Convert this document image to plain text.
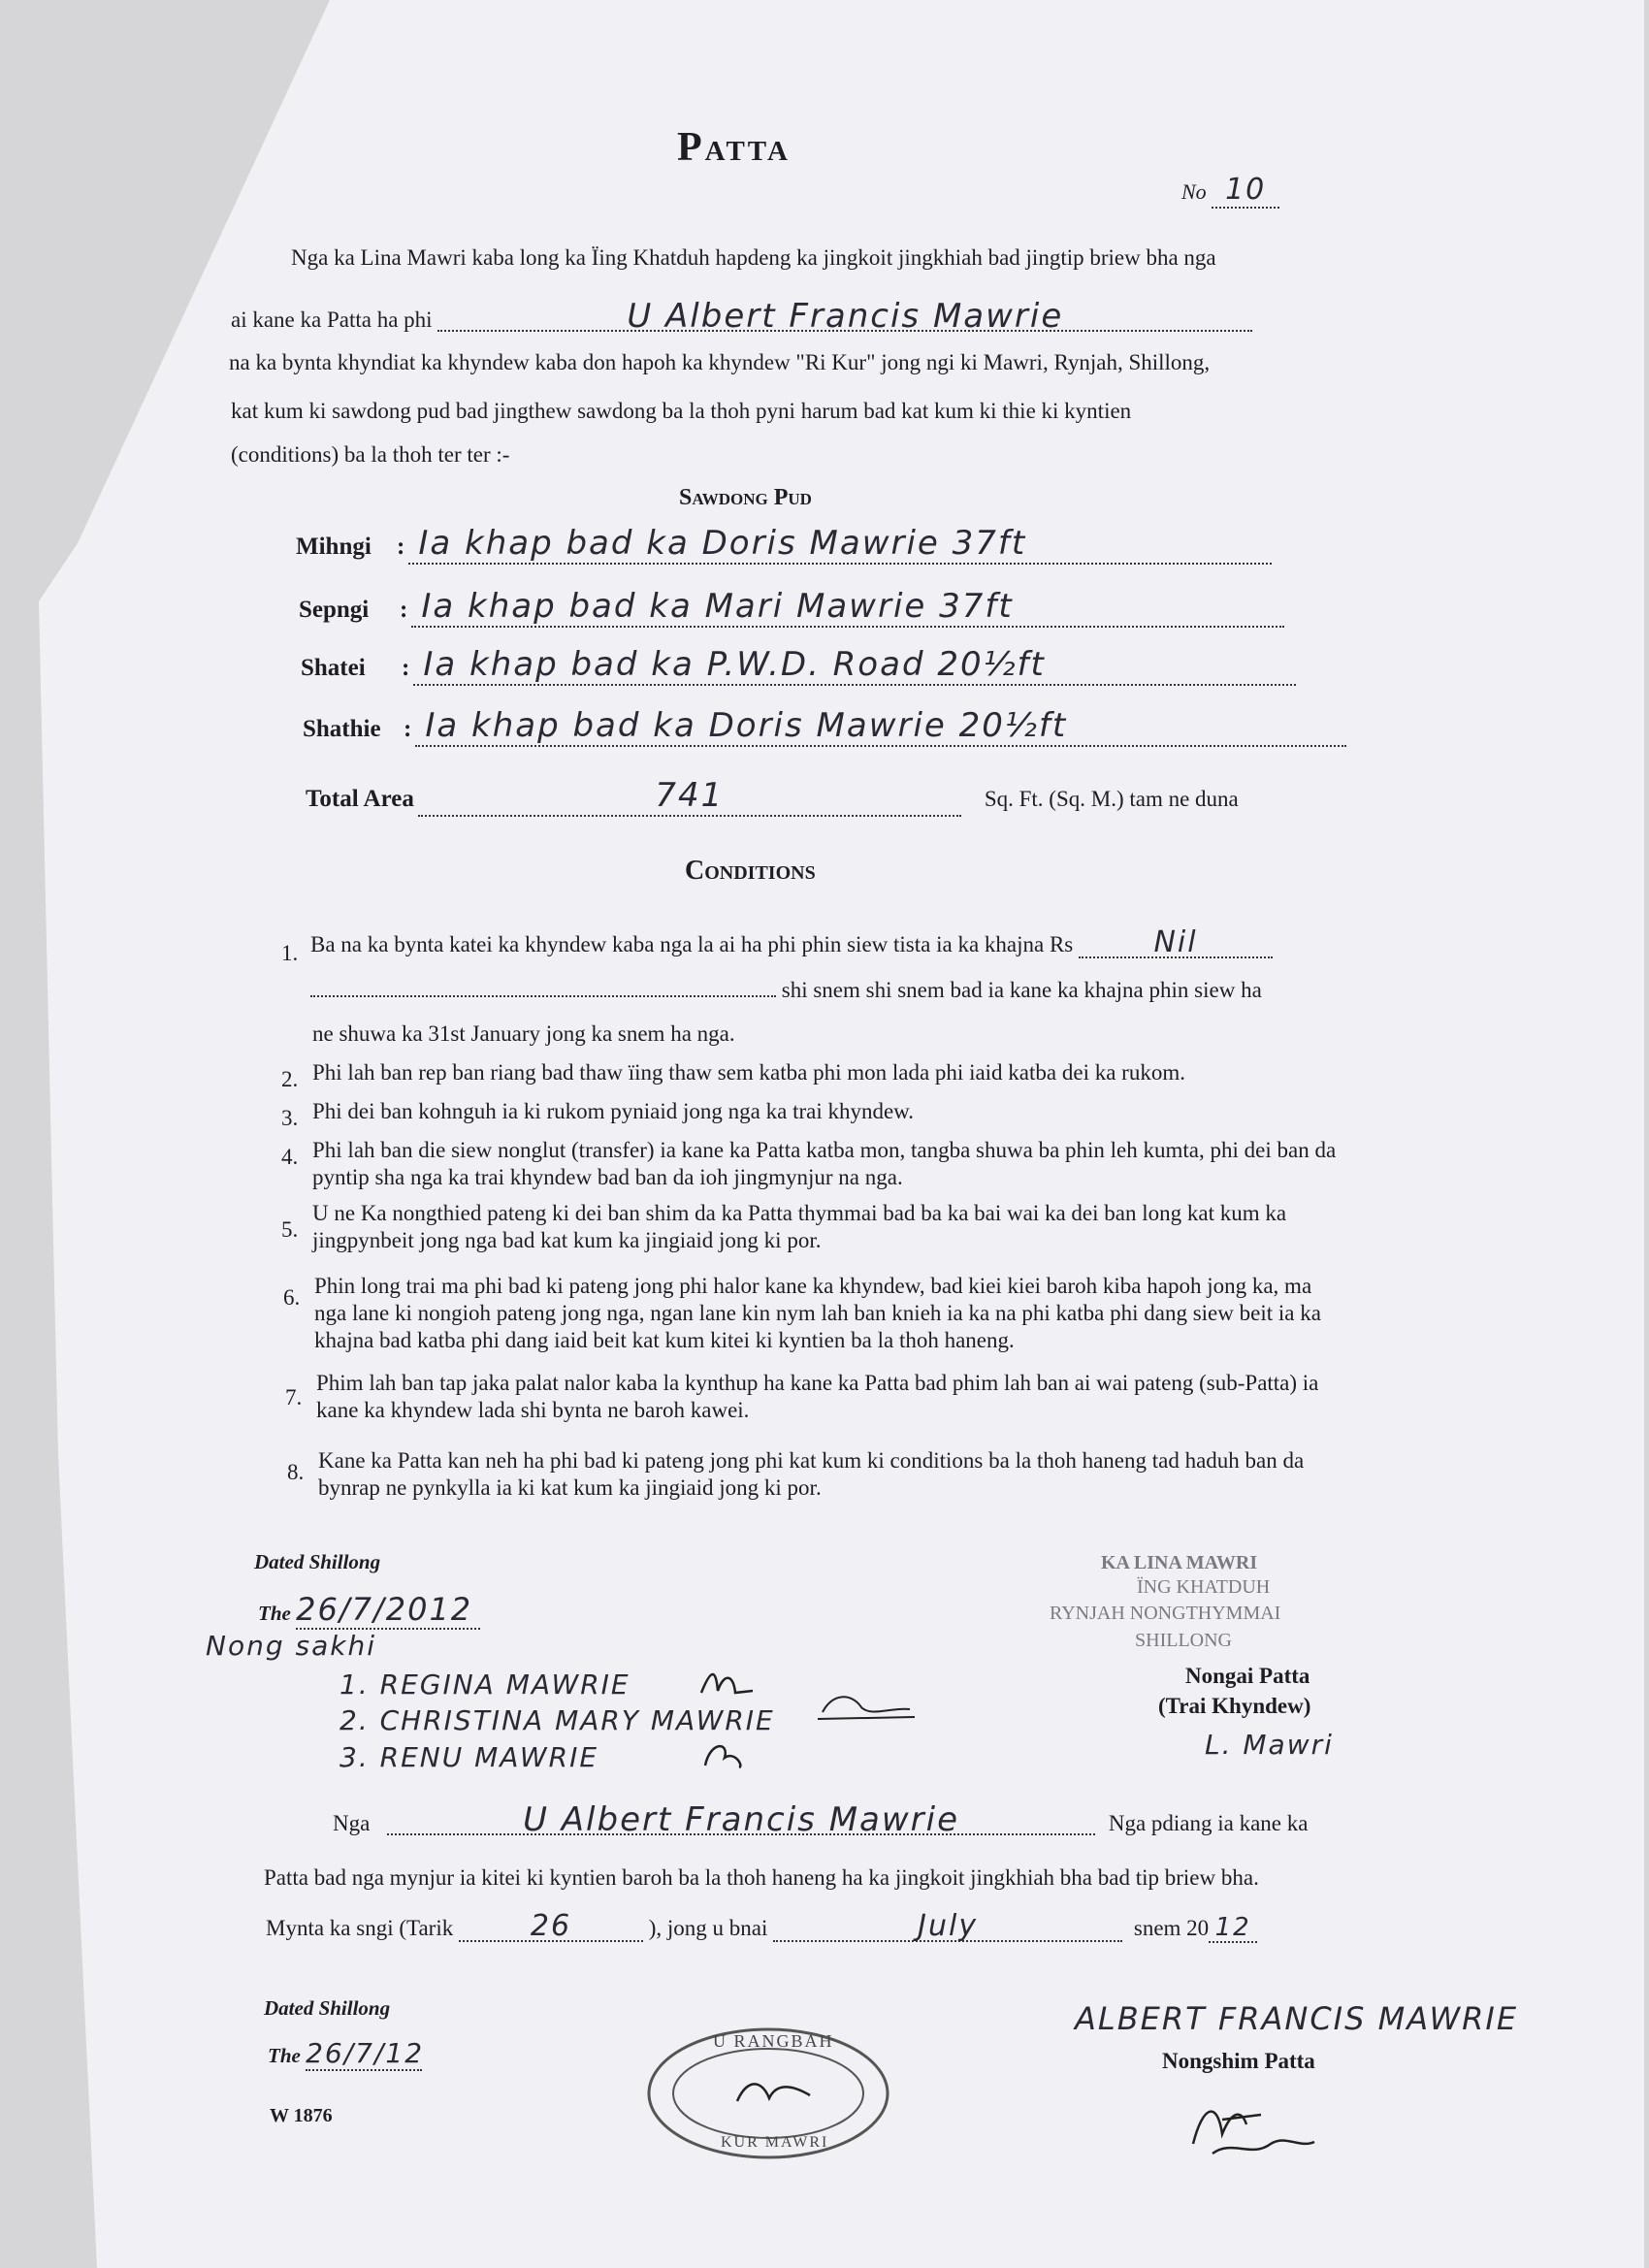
Patta
No 10
Nga ka Lina Mawri kaba long ka Ïing Khatduh hapdeng ka jingkoit jingkhiah bad jingtip briew bha nga
ai kane ka Patta ha phi	U Albert Francis Mawrie
na ka bynta khyndiat ka khyndew kaba don hapoh ka khyndew "Ri Kur" jong ngi ki Mawri, Rynjah, Shillong,
kat kum ki sawdong pud bad jingthew sawdong ba la thoh pyni harum bad kat kum ki thie ki kyntien
(conditions) ba la thoh ter ter :-
Sawdong Pud
Mihngi : Ia khap bad ka Doris Mawrie 37ft
Sepngi : Ia khap bad ka Mari Mawrie 37ft
Shatei : Ia khap bad ka P.W.D. Road 20½ft
Shathie : Ia khap bad ka Doris Mawrie 20½ft
Total Area	741	Sq. Ft. (Sq. M.) tam ne duna
Conditions
1. Ba na ka bynta katei ka khyndew kaba nga la ai ha phi phin siew tista ia ka khajna Rs	Nil
shi snem shi snem bad ia kane ka khajna phin siew ha
ne shuwa ka 31st January jong ka snem ha nga.
2. Phi lah ban rep ban riang bad thaw ïing thaw sem katba phi mon lada phi iaid katba dei ka rukom.
3. Phi dei ban kohnguh ia ki rukom pyniaid jong nga ka trai khyndew.
4. Phi lah ban die siew nonglut (transfer) ia kane ka Patta katba mon, tangba shuwa ba phin leh kumta, phi dei ban da pyntip sha nga ka trai khyndew bad ban da ioh jingmynjur na nga.
5.
U ne Ka nongthied pateng ki dei ban shim da ka Patta thymmai bad ba ka bai wai ka dei ban long kat kum ka jingpynbeit jong nga bad kat kum ka jingiaid jong ki por.
6. Phin long trai ma phi bad ki pateng jong phi halor kane ka khyndew, bad kiei kiei baroh kiba hapoh jong ka, ma nga lane ki nongioh pateng jong nga, ngan lane kin nym lah ban knieh ia ka na phi katba phi dang siew beit ia ka khajna bad katba phi dang iaid beit kat kum kitei ki kyntien ba la thoh haneng.
7.
Phim lah ban tap jaka palat nalor kaba la kynthup ha kane ka Patta bad phim lah ban ai wai pateng (sub-Patta) ia kane ka khyndew lada shi bynta ne baroh kawei.
8. Kane ka Patta kan neh ha phi bad ki pateng jong phi kat kum ki conditions ba la thoh haneng tad haduh ban da bynrap ne pynkylla ia ki kat kum ka jingiaid jong ki por.
Dated Shillong
The 26/7/2012
Nong sakhi
1. REGINA MAWRIE
2. CHRISTINA MARY MAWRIE
3. RENU MAWRIE
KA LINA MAWRI
ÏNG KHATDUH
RYNJAH NONGTHYMMAI
SHILLONG
Nongai Patta
(Trai Khyndew)
L. Mawri
Nga	U Albert Francis Mawrie	Nga pdiang ia kane ka
Patta bad nga mynjur ia kitei ki kyntien baroh ba la thoh haneng ha ka jingkoit jingkhiah bha bad tip briew bha.
Mynta ka sngi (Tarik	26	), jong u bnai	July	snem 20 12
Dated Shillong
The 26/7/12
W 1876
U RANGBAH
KUR MAWRI
ALBERT FRANCIS MAWRIE
Nongshim Patta
